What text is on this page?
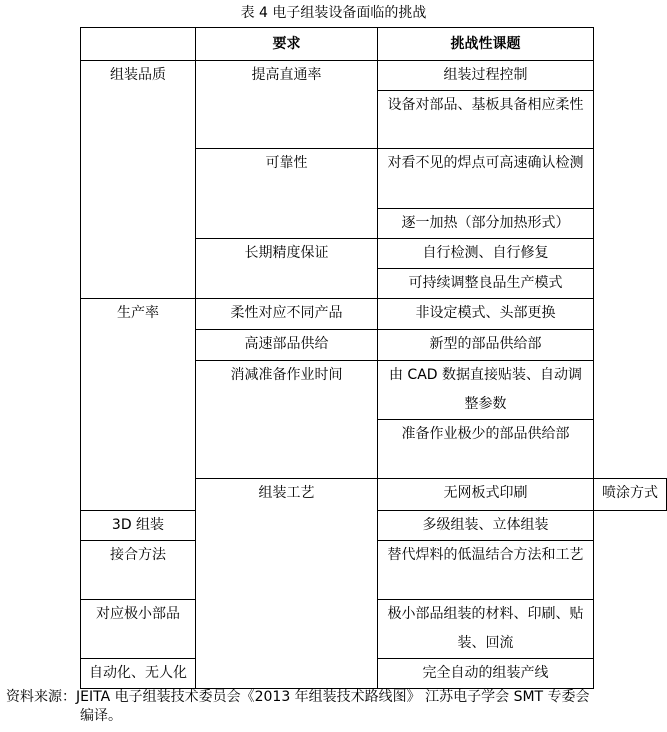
表 4 电子组装设备面临的挑战
	要求	挑战性课题	
组装品质	提高直通率	组装过程控制	
		设备对部品、基板具备相应柔性	
	可靠性	对看不见的焊点可高速确认检测	
		逐一加热（部分加热形式）	
	长期精度保证	自行检测、自行修复	
		可持续调整良品生产模式	
生产率	柔性对应不同产品	非设定模式、头部更换	
	高速部品供给	新型的部品供给部	
	消减准备作业时间	由 CAD 数据直接贴装、自动调整参数	
		准备作业极少的部品供给部	
	组装工艺	无网板式印刷	喷涂方式
3D 组装		多级组装、立体组装	
接合方法		替代焊料的低温结合方法和工艺	
对应极小部品		极小部品组装的材料、印刷、贴装、回流	
自动化、无人化		完全自动的组装产线	
资料来源：JEITA 电子组装技术委员会《2013 年组装技术路线图》 江苏电子学会 SMT 专委会
编译。
